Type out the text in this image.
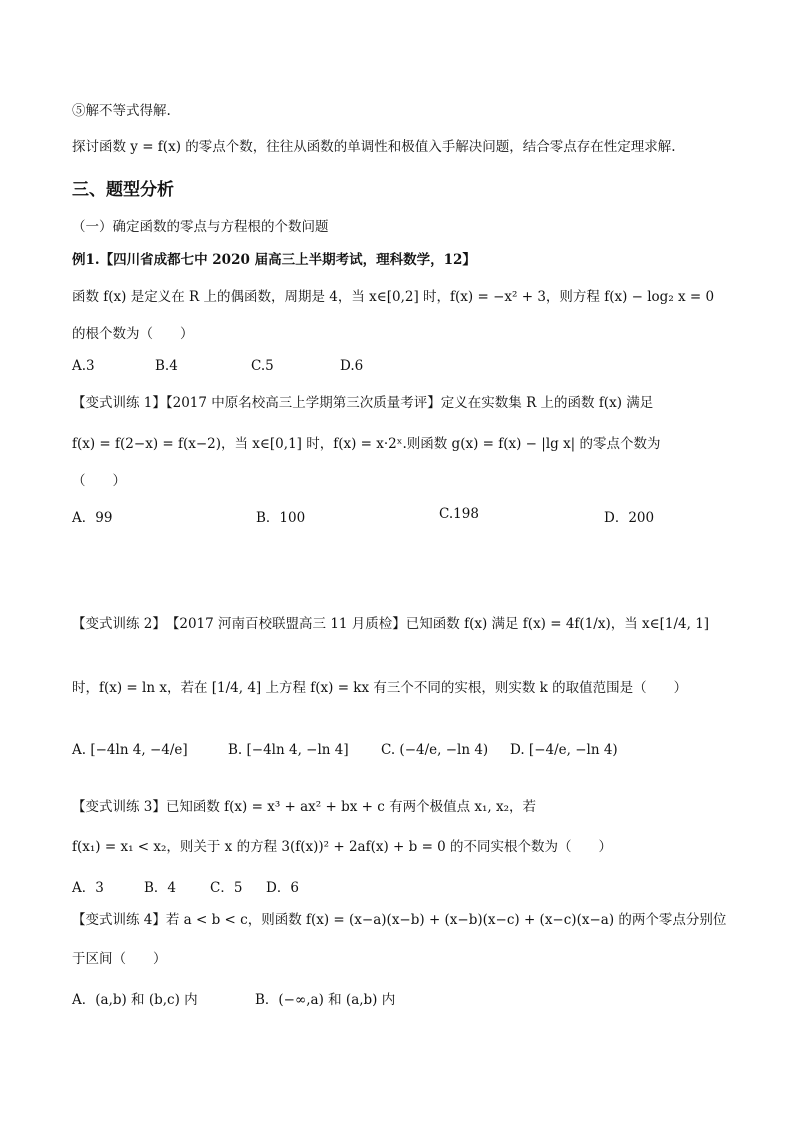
⑤解不等式得解.
探讨函数 y = f(x) 的零点个数，往往从函数的单调性和极值入手解决问题，结合零点存在性定理求解.
三、题型分析
（一）确定函数的零点与方程根的个数问题
例1.【四川省成都七中 2020 届高三上半期考试，理科数学，12】
函数 f(x) 是定义在 R 上的偶函数，周期是 4，当 x∈[0,2] 时，f(x) = −x² + 3，则方程 f(x) − log₂ x = 0
的根个数为（　　）
A.3	B.4	C.5	D.6
【变式训练 1】【2017 中原名校高三上学期第三次质量考评】定义在实数集 R 上的函数 f(x) 满足
f(x) = f(2−x) = f(x−2)，当 x∈[0,1] 时，f(x) = x·2ˣ.则函数 g(x) = f(x) − |lg x| 的零点个数为
（　　）
A．99	B．100	C.198	D．200
【变式训练 2】　【2017 河南百校联盟高三 11 月质检】已知函数 f(x) 满足 f(x) = 4f(1/x)，当 x∈[1/4, 1]
时，f(x) = ln x，若在 [1/4, 4] 上方程 f(x) = kx 有三个不同的实根，则实数 k 的取值范围是（　　）
A. [−4ln 4, −4/e]	B. [−4ln 4, −ln 4] C. (−4/e, −ln 4) D. [−4/e, −ln 4)
【变式训练 3】已知函数 f(x) = x³ + ax² + bx + c 有两个极值点 x₁, x₂，若
f(x₁) = x₁ < x₂，则关于 x 的方程 3(f(x))² + 2af(x) + b = 0 的不同实根个数为（　　）
A．3	B．4	C．5 D．6
【变式训练 4】若 a < b < c，则函数 f(x) = (x−a)(x−b) + (x−b)(x−c) + (x−c)(x−a) 的两个零点分别位
于区间（　　）
A．(a,b) 和 (b,c) 内	B．(−∞,a) 和 (a,b) 内
